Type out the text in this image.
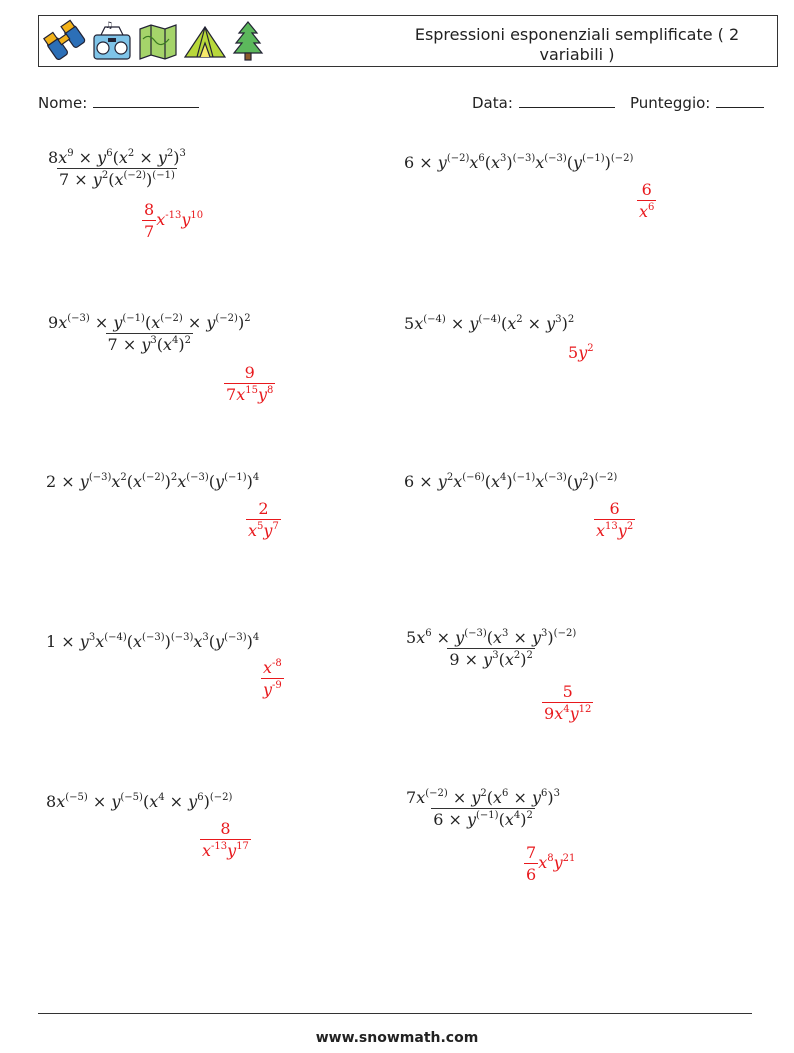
♫	Espressioni esponenziali semplificate ( 2 variabili )
Nome:	Data:	Punteggio:
$\frac{8x^9 \times y^6(x^2 \times y^2)^3}{7 \times y^2(x^{(-2)})^{(-1)}}$
$\frac{8}{7} x^{-13}y^{10}$
$6 \times y^{(-2)}x^6(x^3)^{(-3)}x^{(-3)}(y^{(-1)})^{(-2)}$
$\frac{6}{x^6}$
$\frac{9x^{(-3)} \times y^{(-1)}(x^{(-2)} \times y^{(-2)})^2}{7 \times y^3(x^4)^2}$
$\frac{9}{7x^{15}y^8}$
$5x^{(-4)} \times y^{(-4)}(x^2 \times y^3)^2$
$5y^2$
$2 \times y^{(-3)}x^2(x^{(-2)})^2x^{(-3)}(y^{(-1)})^4$
$\frac{2}{x^5y^7}$
$6 \times y^2x^{(-6)}(x^4)^{(-1)}x^{(-3)}(y^2)^{(-2)}$
$\frac{6}{x^{13}y^2}$
$1 \times y^3x^{(-4)}(x^{(-3)})^{(-3)}x^3(y^{(-3)})^4$
$\frac{x^{-8}}{y^{-9}}$
$\frac{5x^6 \times y^{(-3)}(x^3 \times y^3)^{(-2)}}{9 \times y^3(x^2)^2}$
$\frac{5}{9x^4y^{12}}$
$8x^{(-5)} \times y^{(-5)}(x^4 \times y^6)^{(-2)}$
$\frac{8}{x^{-13}y^{17}}$
$\frac{7x^{(-2)} \times y^2(x^6 \times y^6)^3}{6 \times y^{(-1)}(x^4)^2}$
$\frac{7}{6} x^8y^{21}$
www.snowmath.com
